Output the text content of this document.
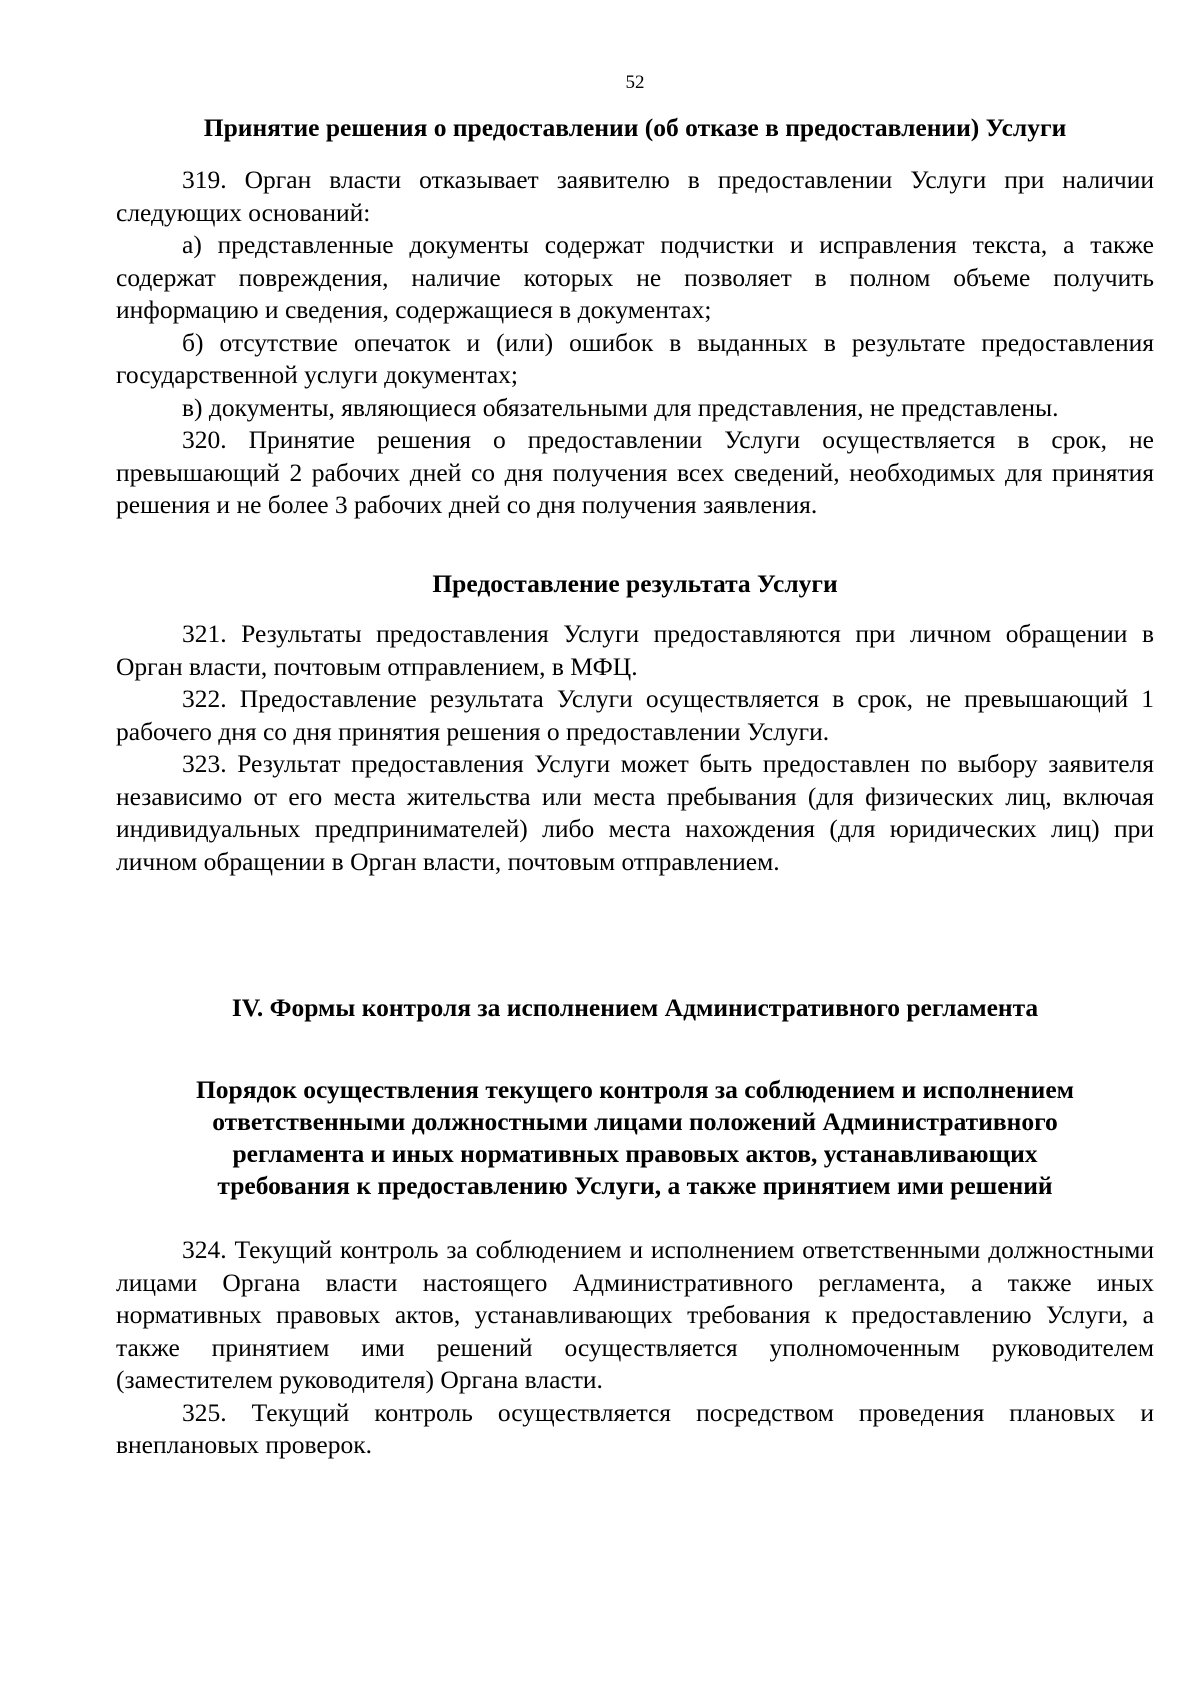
52
Принятие решения о предоставлении (об отказе в предоставлении) Услуги

319. Орган власти отказывает заявителю в предоставлении Услуги при наличии следующих оснований:

а) представленные документы содержат подчистки и исправления текста, а также содержат повреждения, наличие которых не позволяет в полном объеме получить информацию и сведения, содержащиеся в документах;

б) отсутствие опечаток и (или) ошибок в выданных в результате предоставления государственной услуги документах;

в) документы, являющиеся обязательными для представления, не представлены.

320. Принятие решения о предоставлении Услуги осуществляется в срок, не превышающий 2 рабочих дней со дня получения всех сведений, необходимых для принятия решения и не более 3 рабочих дней со дня получения заявления.

Предоставление результата Услуги

321. Результаты предоставления Услуги предоставляются при личном обращении в Орган власти, почтовым отправлением, в МФЦ.

322. Предоставление результата Услуги осуществляется в срок, не превышающий 1 рабочего дня со дня принятия решения о предоставлении Услуги.

323. Результат предоставления Услуги может быть предоставлен по выбору заявителя независимо от его места жительства или места пребывания (для физических лиц, включая индивидуальных предпринимателей) либо места нахождения (для юридических лиц) при личном обращении в Орган власти, почтовым отправлением.

IV. Формы контроля за исполнением Административного регламента
Порядок осуществления текущего контроля за соблюдением и исполнением
ответственными должностными лицами положений Административного
регламента и иных нормативных правовых актов, устанавливающих
требования к предоставлению Услуги, а также принятием ими решений

324. Текущий контроль за соблюдением и исполнением ответственными должностными лицами Органа власти настоящего Административного регламента, а также иных нормативных правовых актов, устанавливающих требования к предоставлению Услуги, а также принятием ими решений осуществляется уполномоченным руководителем (заместителем руководителя) Органа власти.

325. Текущий контроль осуществляется посредством проведения плановых и внеплановых проверок.
